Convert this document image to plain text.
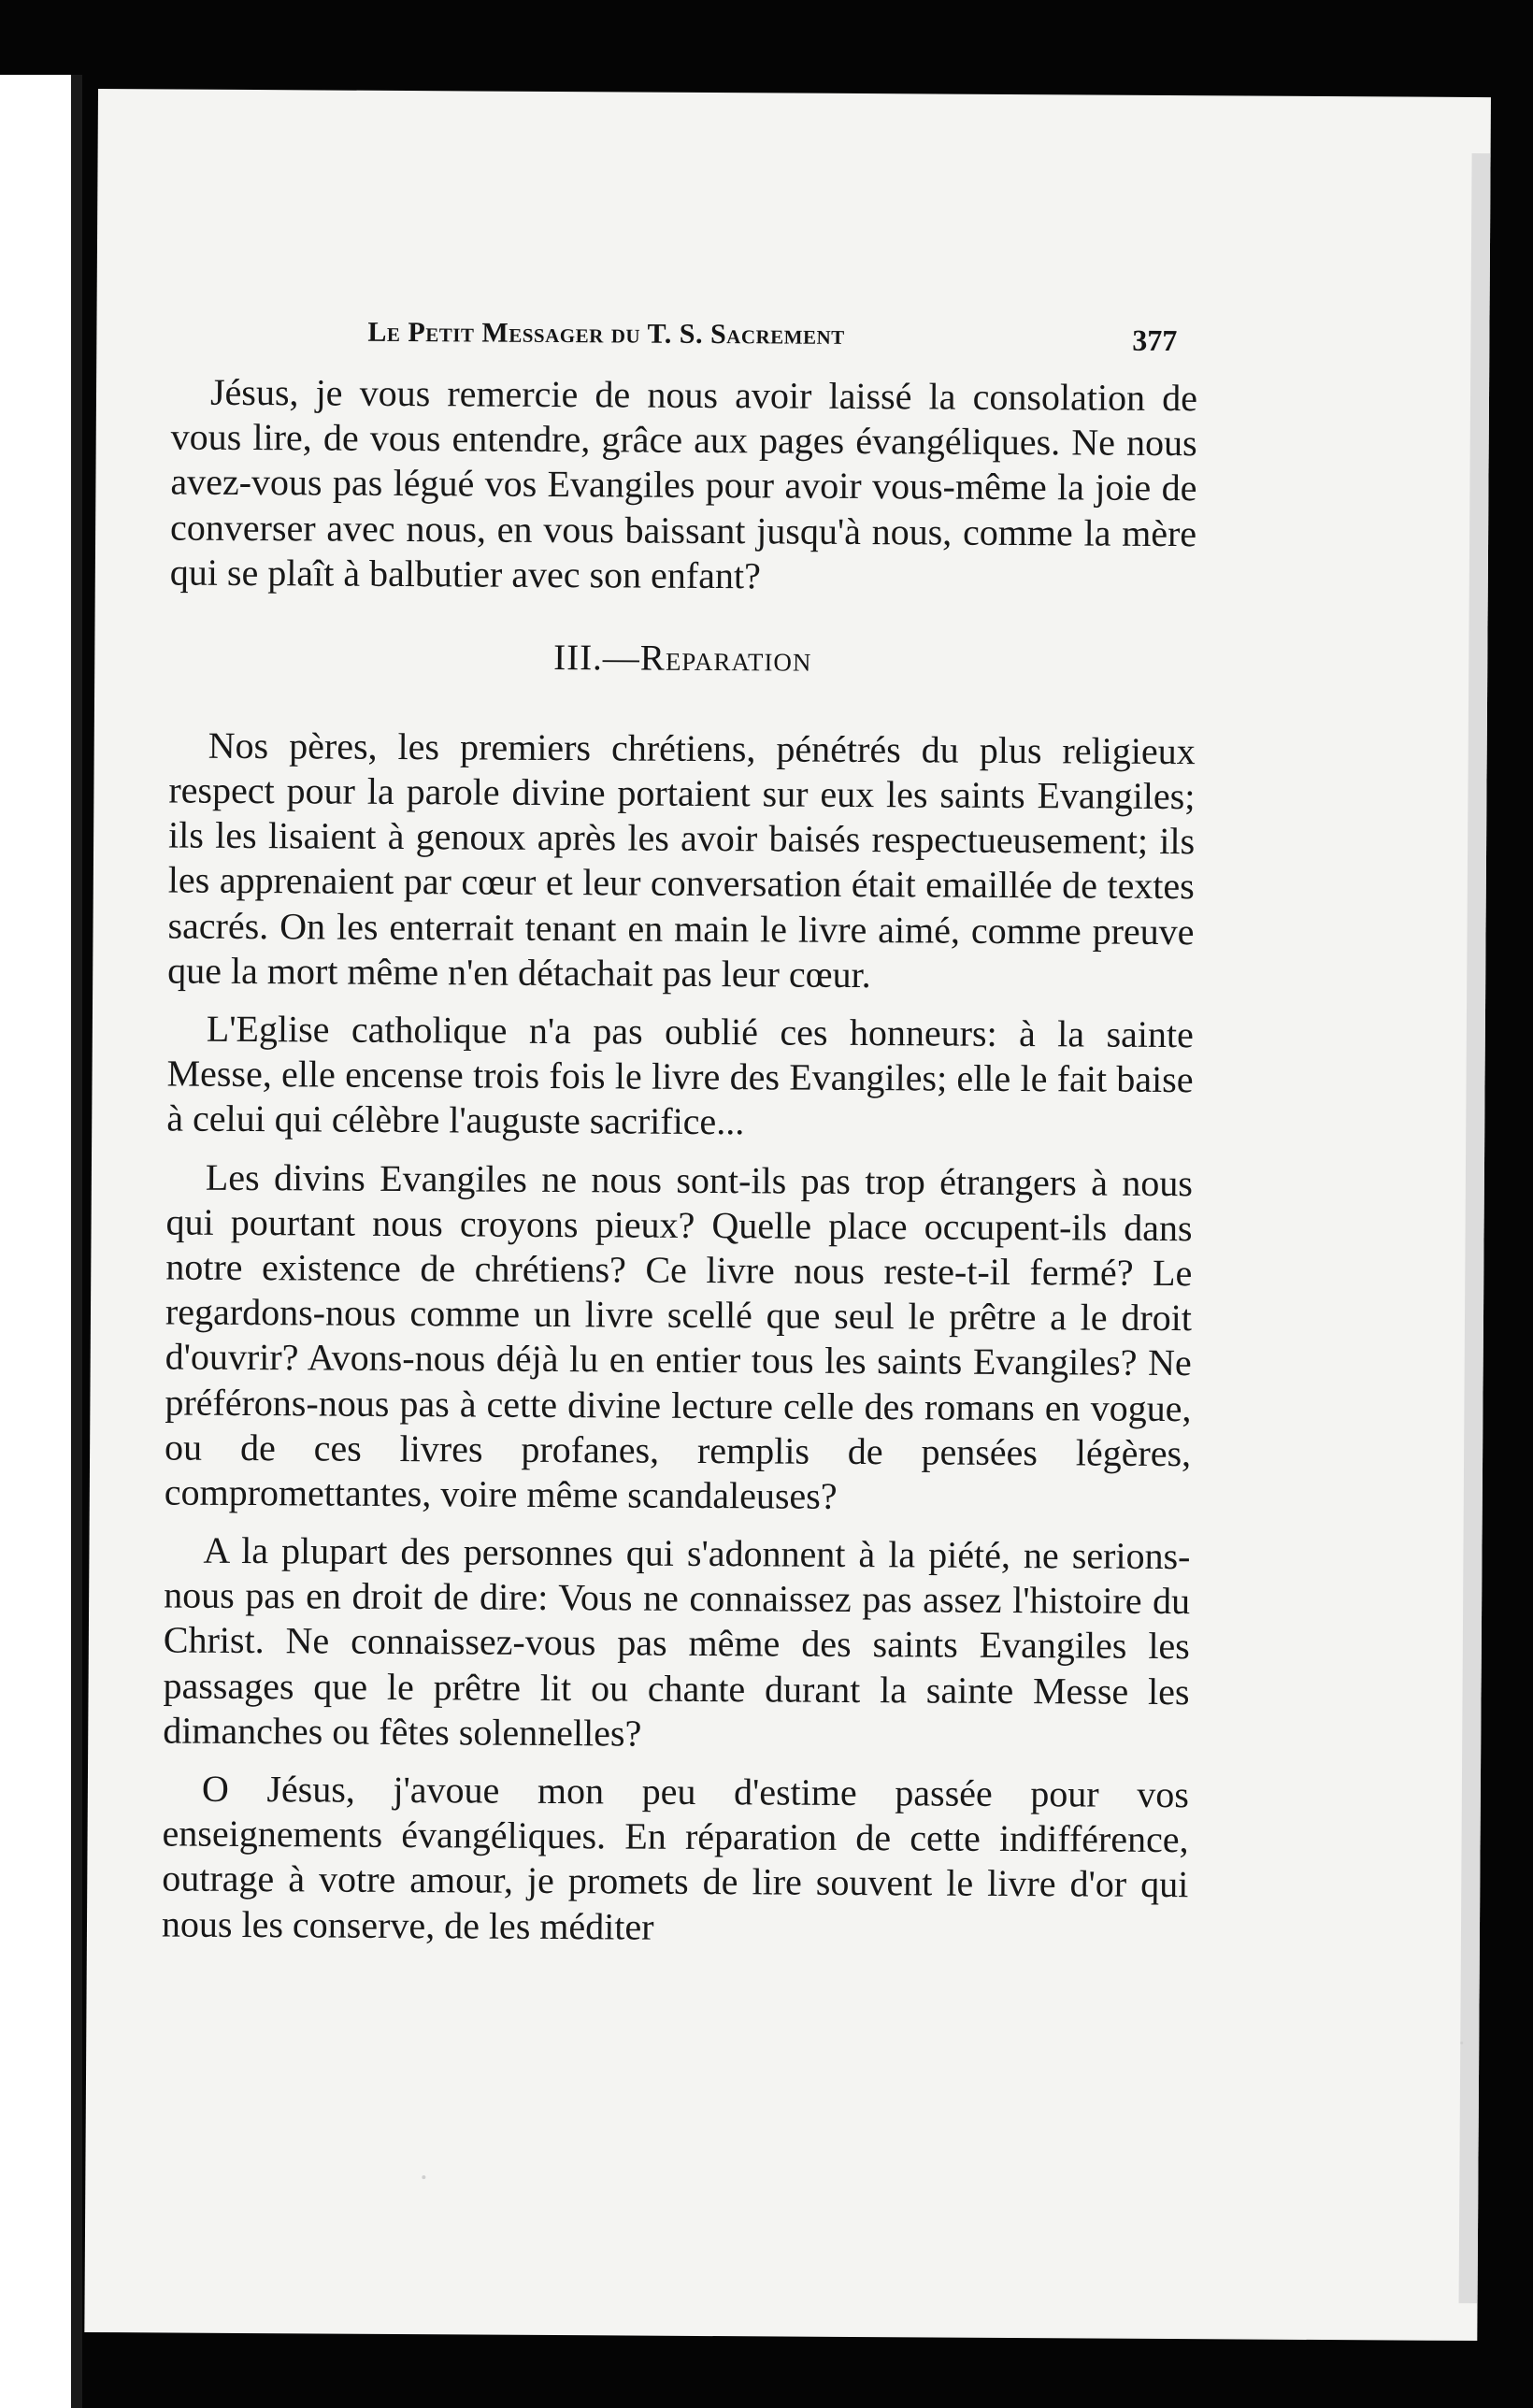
Le Petit Messager du T. S. Sacrement	377

Jésus, je vous remercie de nous avoir laissé la consolation de vous lire, de vous entendre, grâce aux pages évangéliques. Ne nous avez-vous pas légué vos Evangiles pour avoir vous-même la joie de converser avec nous, en vous baissant jusqu'à nous, comme la mère qui se plaît à balbutier avec son enfant?

III.—Reparation

Nos pères, les premiers chrétiens, pénétrés du plus religieux respect pour la parole divine portaient sur eux les saints Evangiles; ils les lisaient à genoux après les avoir baisés respectueusement; ils les apprenaient par cœur et leur conversation était emaillée de textes sacrés. On les enterrait tenant en main le livre aimé, comme preuve que la mort même n'en détachait pas leur cœur.

L'Eglise catholique n'a pas oublié ces honneurs: à la sainte Messe, elle encense trois fois le livre des Evangiles; elle le fait baise à celui qui célèbre l'auguste sacrifice...

Les divins Evangiles ne nous sont-ils pas trop étrangers à nous qui pourtant nous croyons pieux? Quelle place occupent-ils dans notre existence de chrétiens? Ce livre nous reste-t-il fermé? Le regardons-nous comme un livre scellé que seul le prêtre a le droit d'ouvrir? Avons-nous déjà lu en entier tous les saints Evangiles? Ne préférons-nous pas à cette divine lecture celle des romans en vogue, ou de ces livres profanes, remplis de pensées légères, compromettantes, voire même scandaleuses?

A la plupart des personnes qui s'adonnent à la piété, ne serions-nous pas en droit de dire: Vous ne connaissez pas assez l'histoire du Christ. Ne connaissez-vous pas même des saints Evangiles les passages que le prêtre lit ou chante durant la sainte Messe les dimanches ou fêtes solennelles?

O Jésus, j'avoue mon peu d'estime passée pour vos enseignements évangéliques. En réparation de cette indifférence, outrage à votre amour, je promets de lire souvent le livre d'or qui nous les conserve, de les méditer
